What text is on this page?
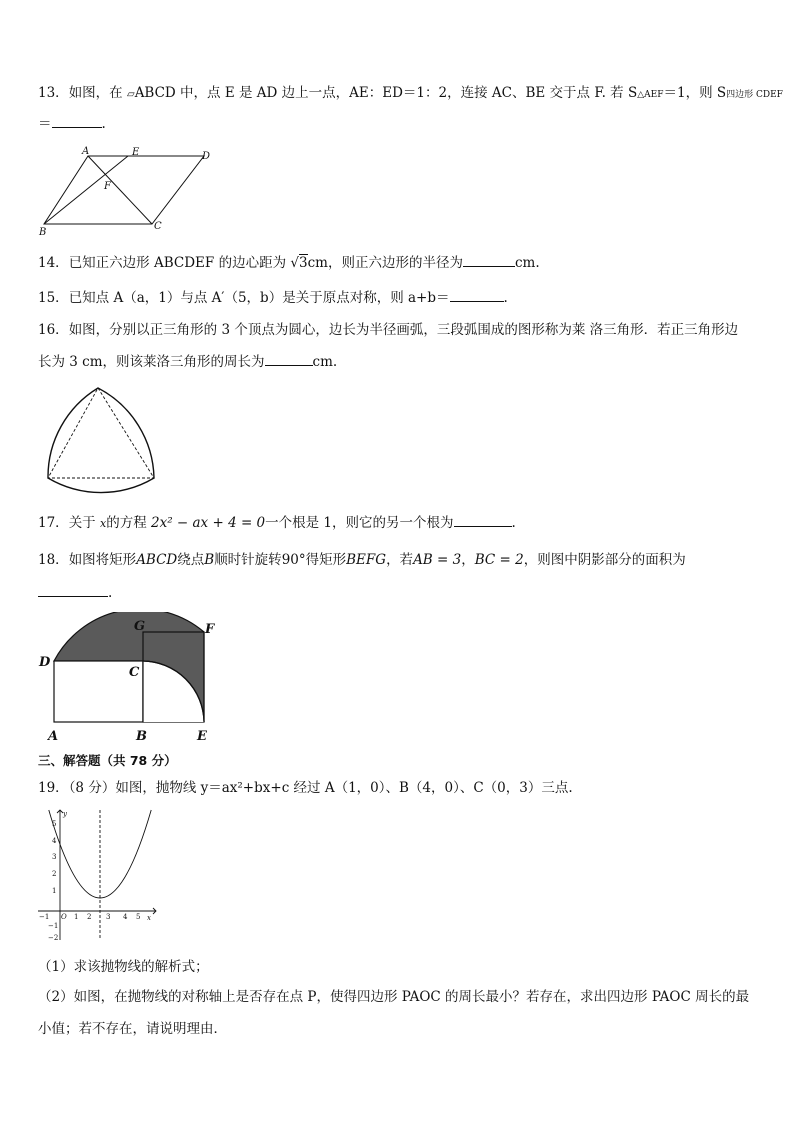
13．如图，在 ▱ABCD 中，点 E 是 AD 边上一点，AE：ED＝1：2，连接 AC、BE 交于点 F. 若 S△AEF＝1，则 S四边形 CDEF
＝	.
A	E	D
F
B
C
14．已知正六边形 ABCDEF 的边心距为 √3cm，则正六边形的半径为	cm.
15．已知点 A（a，1）与点 A′（5，b）是关于原点对称，则 a+b＝	.
16．如图，分别以正三角形的 3 个顶点为圆心，边长为半径画弧，三段弧围成的图形称为莱 洛三角形．若正三角形边
长为 3 cm，则该莱洛三角形的周长为	cm.
17．关于 x的方程 2x² − ax + 4 = 0一个根是 1，则它的另一个根为	.
18．如图将矩形ABCD绕点B顺时针旋转90°得矩形BEFG，若AB = 3，BC = 2，则图中阴影部分的面积为
.
G	F
D
C
A	B	E
三、解答题（共 78 分）
19．（8 分）如图，抛物线 y＝ax²+bx+c 经过 A（1，0）、B（4，0）、C（0，3）三点.
y
x
O
−1	1 2 3 4 5
5
4
3
2
1
−1
−2
（1）求该抛物线的解析式；
（2）如图，在抛物线的对称轴上是否存在点 P，使得四边形 PAOC 的周长最小？若存在，求出四边形 PAOC 周长的最
小值；若不存在，请说明理由．
